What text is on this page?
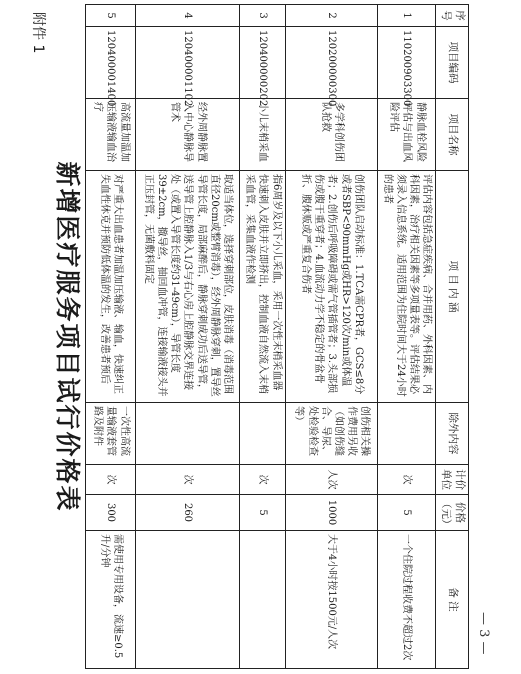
附件 1
新增医疗服务项目试行价格表
— 3 —
序号	项目编码	项目名称	项 目 内 涵	除外内容	计价单位	价格（元）	备 注
1	110200903300	静脉血栓风险评估与出血风险评估	评估内容包括急症疾病、合并用药、外科因素、内科因素，治疗相关因素等多项量表等。评估结果必须录入信息系统。适用范围为住院时间大于24小时的患者		次	5	一个住院过程收费不超过2次
2	120200000300	多学科创伤团队抢救	创伤团队启动标准：1.TCA需CPR者，GCS≤8分或者SBP<90mmHg或HR>120次/min或体温者；2.创伤后呼吸障碍或需气管插管者；3.头部损伤或腹干重穿者；4.血流动力学不稳定的骨盆骨折、腹休贩或严重复合伤者	创伤相关操作费用另收（如创伤缝合、导尿、处检验检查等）	人次	1000	大于4小时按1500元/人次
3	120400000202	小儿末梢采血	指6周岁及以下小儿采血，采用一次性末梢采血器快速刺入皮肤并立即挤出，控制血液自然流入末梢采血管，采集血液作检测		次	5	
4	120400001102	经外周静脉置入中心静脉导管术	取适当体位，选择穿刺部位，皮肤消毒（消毒范围直径20cm或整臂消毒），经外周静脉穿刺，置导丝导管长度，局部麻醉后，静脉穿刺成功后送导管，送导管上腔静脉入1/3与右心房上腔静脉交界连接处（或置入导管长度约31-49cm），导管长度39±2cm，撤导丝，抽回血冲管，连接输液接头并正压封管，无菌敷料固定		次	260	
5	120400001400	高流量加温加压输液输血治疗	对严重大出血患者加温加压输液、输血，快速纠正失血性休克并预防低体温的发生，改善患者预后	一次性高流量输液套管路及附件	次	300	需使用专用设备，流速≥0.5升/分钟
